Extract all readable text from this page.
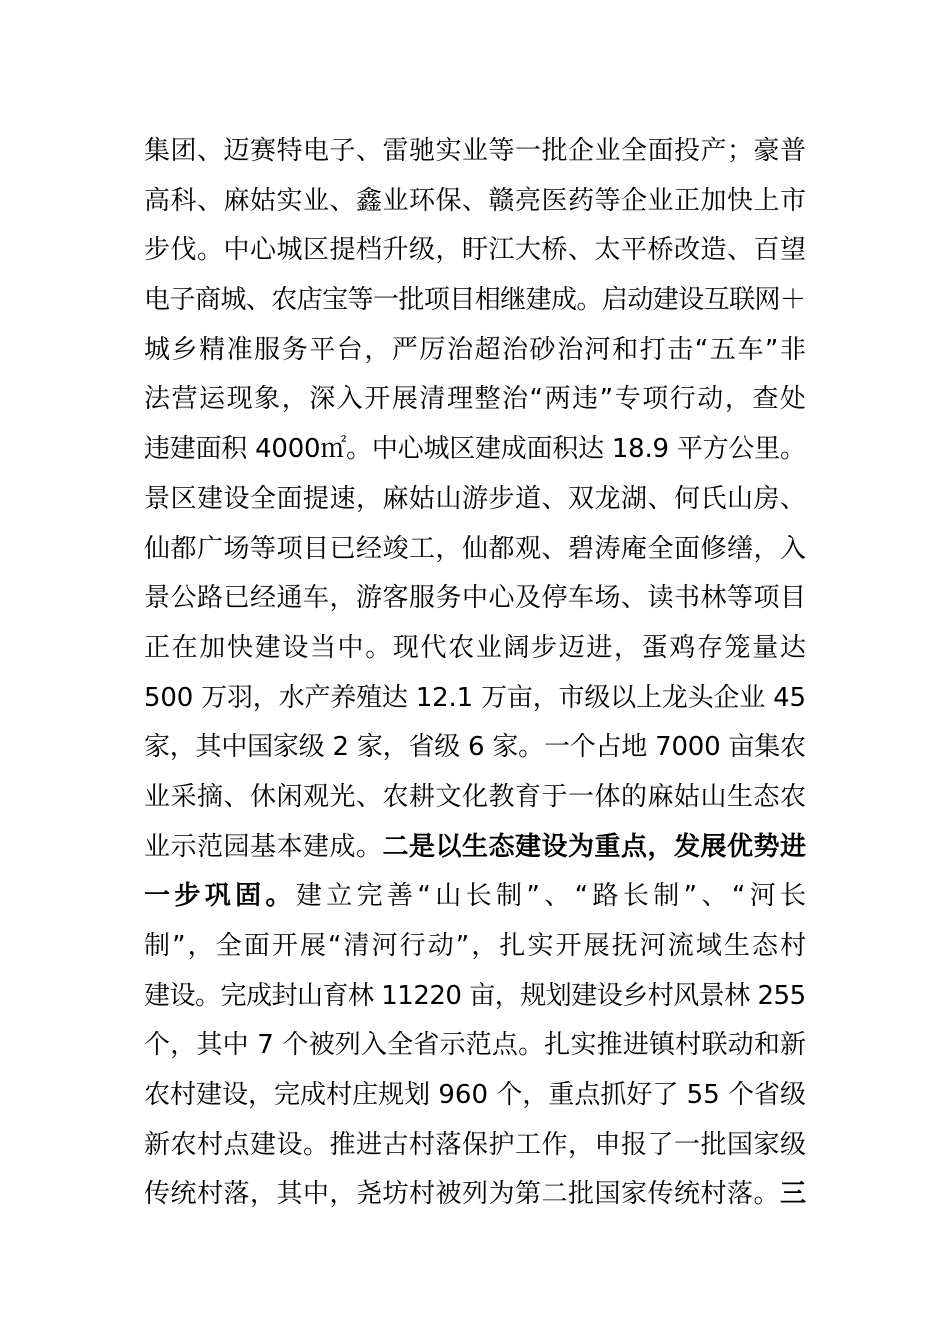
集团、迈赛特电子、雷驰实业等一批企业全面投产；豪普
高科、麻姑实业、鑫业环保、赣亮医药等企业正加快上市
步伐。中心城区提档升级，盱江大桥、太平桥改造、百望
电子商城、农店宝等一批项目相继建成。启动建设互联网＋
城乡精准服务平台，严厉治超治砂治河和打击“五车”非
法营运现象，深入开展清理整治“两违”专项行动，查处
违建面积 4000㎡。中心城区建成面积达 18.9 平方公里。
景区建设全面提速，麻姑山游步道、双龙湖、何氏山房、
仙都广场等项目已经竣工，仙都观、碧涛庵全面修缮，入
景公路已经通车，游客服务中心及停车场、读书林等项目
正在加快建设当中。现代农业阔步迈进，蛋鸡存笼量达
500 万羽，水产养殖达 12.1 万亩，市级以上龙头企业 45
家，其中国家级 2 家，省级 6 家。一个占地 7000 亩集农
业采摘、休闲观光、农耕文化教育于一体的麻姑山生态农
业示范园基本建成。二是以生态建设为重点，发展优势进
一步巩固。建立完善“山长制”、“路长制”、“河长
制”，全面开展“清河行动”，扎实开展抚河流域生态村
建设。完成封山育林 11220 亩，规划建设乡村风景林 255
个，其中 7 个被列入全省示范点。扎实推进镇村联动和新
农村建设，完成村庄规划 960 个，重点抓好了 55 个省级
新农村点建设。推进古村落保护工作，申报了一批国家级
传统村落，其中，尧坊村被列为第二批国家传统村落。三
